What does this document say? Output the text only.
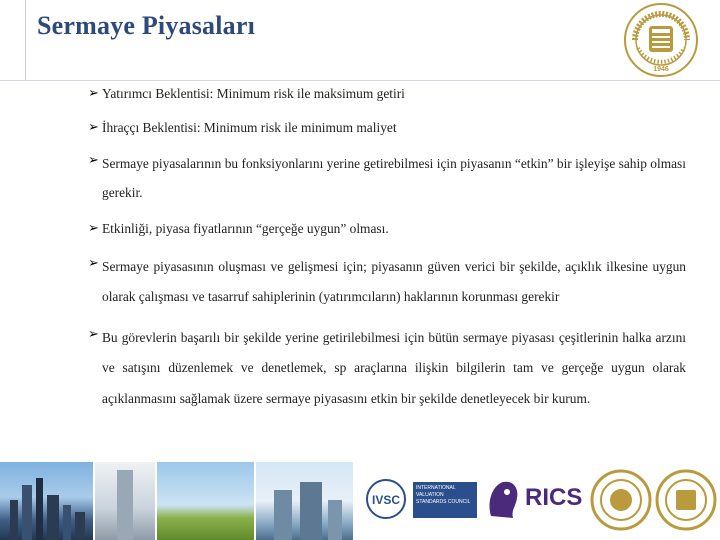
Sermaye Piyasaları
1946

➢ Yatırımcı Beklentisi: Minimum risk ile maksimum getiri

➢ İhraççı Beklentisi: Minimum risk ile minimum maliyet

➢ Sermaye piyasalarının bu fonksiyonlarını yerine getirebilmesi için piyasanın “etkin” bir işleyişe sahip olması gerekir.

➢ Etkinliği, piyasa fiyatlarının “gerçeğe uygun” olması.

➢ Sermaye piyasasının oluşması ve gelişmesi için; piyasanın güven verici bir şekilde, açıklık ilkesine uygun olarak çalışması ve tasarruf sahiplerinin (yatırımcıların) haklarının korunması gerekir

➢ Bu görevlerin başarılı bir şekilde yerine getirilebilmesi için bütün sermaye piyasası çeşitlerinin halka arzını ve satışını düzenlemek ve denetlemek, sp araçlarına ilişkin bilgilerin tam ve gerçeğe uygun olarak açıklanmasını sağlamak üzere sermaye piyasasını etkin bir şekilde denetleyecek bir kurum.

IVSC
INTERNATIONAL VALUATION STANDARDS COUNCIL RICS
